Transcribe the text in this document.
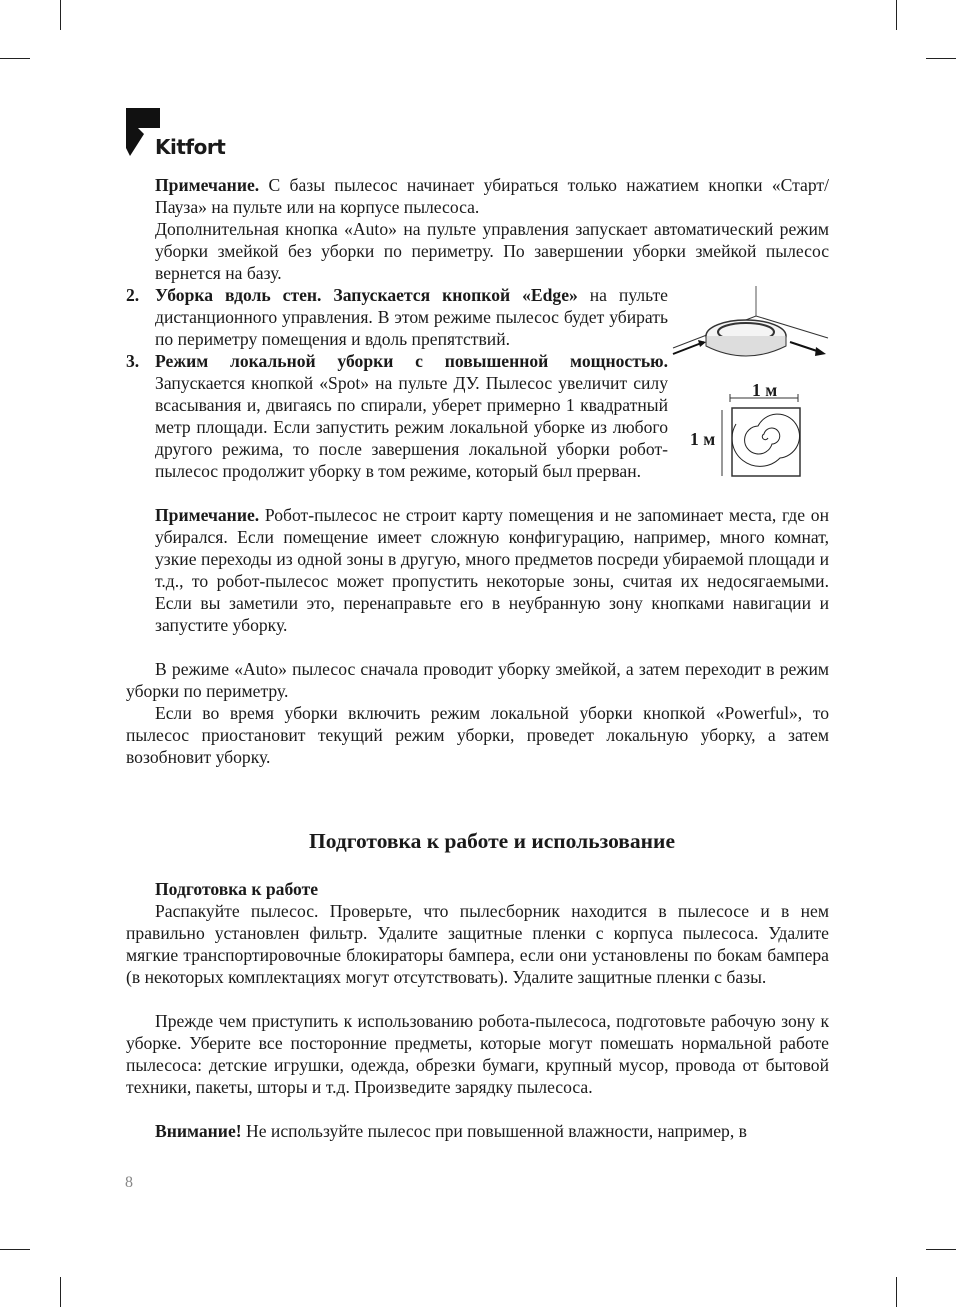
Kitfort

Примечание. С базы пылесос начинает убираться только нажатием кнопки «Старт/Пауза» на пульте или на корпусе пылесоса.

Дополнительная кнопка «Auto» на пульте управления запускает автоматический режим уборки змейкой без уборки по периметру. По завершении уборки змейкой пылесос вернется на базу.

2. Уборка вдоль стен. Запускается кнопкой «Edge» на пульте дистанционного управления. В этом режиме пылесос будет убирать по периметру помещения и вдоль препятствий.

3. Режим локальной уборки с повышенной мощностью. Запускается кнопкой «Spot» на пульте ДУ. Пылесос увеличит силу всасывания и, двигаясь по спирали, уберет примерно 1 квадратный метр площади. Если запустить режим локальной уборке из любого другого режима, то после завершения локальной уборки робот-пылесос продолжит уборку в том режиме, который был прерван.

1 м
1 м

Примечание. Робот-пылесос не строит карту помещения и не запоминает места, где он убирался. Если помещение имеет сложную конфигурацию, например, много комнат, узкие переходы из одной зоны в другую, много предметов посреди убираемой площади и т.д., то робот-пылесос может пропустить некоторые зоны, считая их недосягаемыми. Если вы заметили это, перенаправьте его в неубранную зону кнопками навигации и запустите уборку.

В режиме «Auto» пылесос сначала проводит уборку змейкой, а затем переходит в режим уборки по периметру.

Если во время уборки включить режим локальной уборки кнопкой «Powerful», то пылесос приостановит текущий режим уборки, проведет локальную уборку, а затем возобновит уборку.

Подготовка к работе и использование
Подготовка к работе

Распакуйте пылесос. Проверьте, что пылесборник находится в пылесосе и в нем правильно установлен фильтр. Удалите защитные пленки с корпуса пылесоса. Удалите мягкие транспортировочные блокираторы бампера, если они установлены по бокам бампера (в некоторых комплектациях могут отсутствовать). Удалите защитные пленки с базы.

Прежде чем приступить к использованию робота-пылесоса, подготовьте рабочую зону к уборке. Уберите все посторонние предметы, которые могут помешать нормальной работе пылесоса: детские игрушки, одежда, обрезки бумаги, крупный мусор, провода от бытовой техники, пакеты, шторы и т.д. Произведите зарядку пылесоса.

Внимание! Не используйте пылесос при повышенной влажности, например, в

8
